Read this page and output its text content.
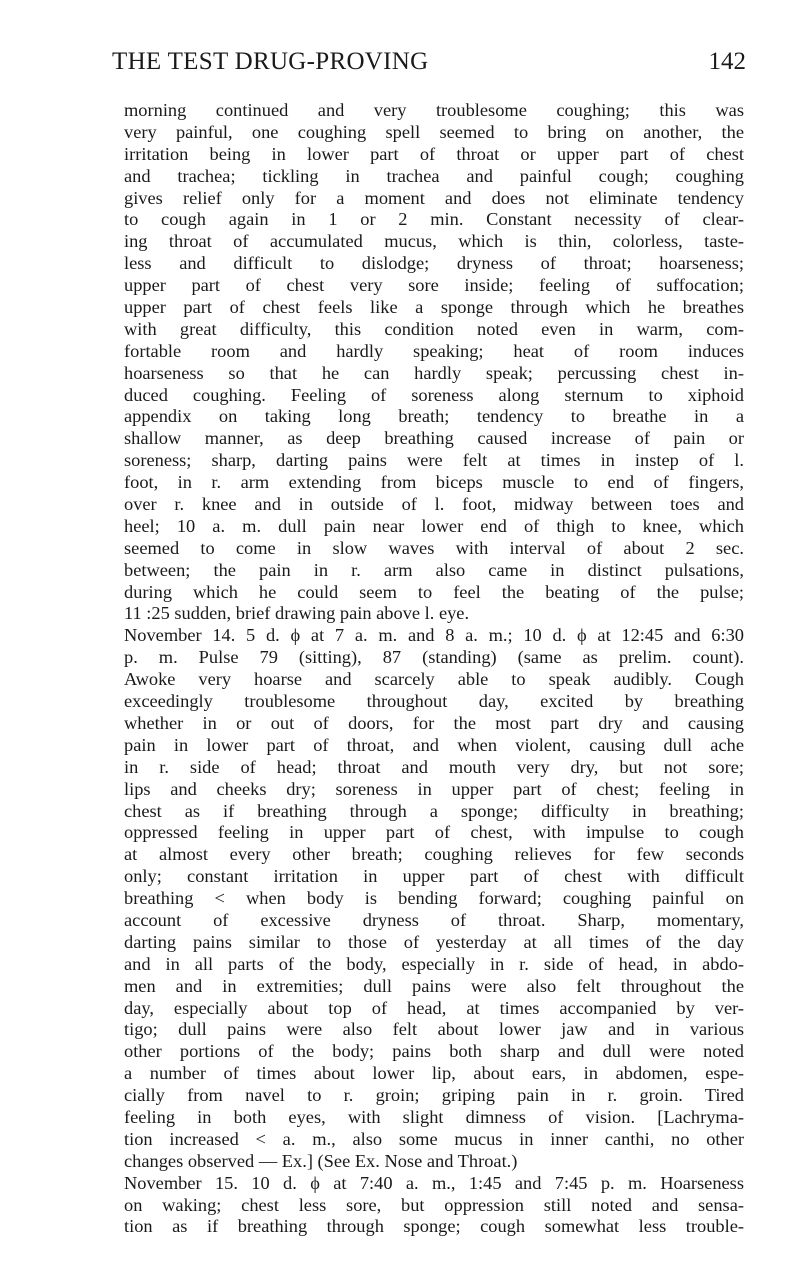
THE TEST DRUG-PROVING	142
morning continued and very troublesome coughing; this was
very painful, one coughing spell seemed to bring on another, the
irritation being in lower part of throat or upper part of chest
and trachea; tickling in trachea and painful cough; coughing
gives relief only for a moment and does not eliminate tendency
to cough again in 1 or 2 min. Constant necessity of clear-
ing throat of accumulated mucus, which is thin, colorless, taste-
less and difficult to dislodge; dryness of throat; hoarseness;
upper part of chest very sore inside; feeling of suffocation;
upper part of chest feels like a sponge through which he breathes
with great difficulty, this condition noted even in warm, com-
fortable room and hardly speaking; heat of room induces
hoarseness so that he can hardly speak; percussing chest in-
duced coughing. Feeling of soreness along sternum to xiphoid
appendix on taking long breath; tendency to breathe in a
shallow manner, as deep breathing caused increase of pain or
soreness; sharp, darting pains were felt at times in instep of l.
foot, in r. arm extending from biceps muscle to end of fingers,
over r. knee and in outside of l. foot, midway between toes and
heel; 10 a. m. dull pain near lower end of thigh to knee, which
seemed to come in slow waves with interval of about 2 sec.
between; the pain in r. arm also came in distinct pulsations,
during which he could seem to feel the beating of the pulse;
11 :25 sudden, brief drawing pain above l. eye.
November 14. 5 d. ϕ at 7 a. m. and 8 a. m.; 10 d. ϕ at 12:45 and 6:30
p. m. Pulse 79 (sitting), 87 (standing) (same as prelim. count).
Awoke very hoarse and scarcely able to speak audibly. Cough
exceedingly troublesome throughout day, excited by breathing
whether in or out of doors, for the most part dry and causing
pain in lower part of throat, and when violent, causing dull ache
in r. side of head; throat and mouth very dry, but not sore;
lips and cheeks dry; soreness in upper part of chest; feeling in
chest as if breathing through a sponge; difficulty in breathing;
oppressed feeling in upper part of chest, with impulse to cough
at almost every other breath; coughing relieves for few seconds
only; constant irritation in upper part of chest with difficult
breathing < when body is bending forward; coughing painful on
account of excessive dryness of throat. Sharp, momentary,
darting pains similar to those of yesterday at all times of the day
and in all parts of the body, especially in r. side of head, in abdo-
men and in extremities; dull pains were also felt throughout the
day, especially about top of head, at times accompanied by ver-
tigo; dull pains were also felt about lower jaw and in various
other portions of the body; pains both sharp and dull were noted
a number of times about lower lip, about ears, in abdomen, espe-
cially from navel to r. groin; griping pain in r. groin. Tired
feeling in both eyes, with slight dimness of vision. [Lachryma-
tion increased < a. m., also some mucus in inner canthi, no other
changes observed — Ex.] (See Ex. Nose and Throat.)
November 15. 10 d. ϕ at 7:40 a. m., 1:45 and 7:45 p. m. Hoarseness
on waking; chest less sore, but oppression still noted and sensa-
tion as if breathing through sponge; cough somewhat less trouble-
